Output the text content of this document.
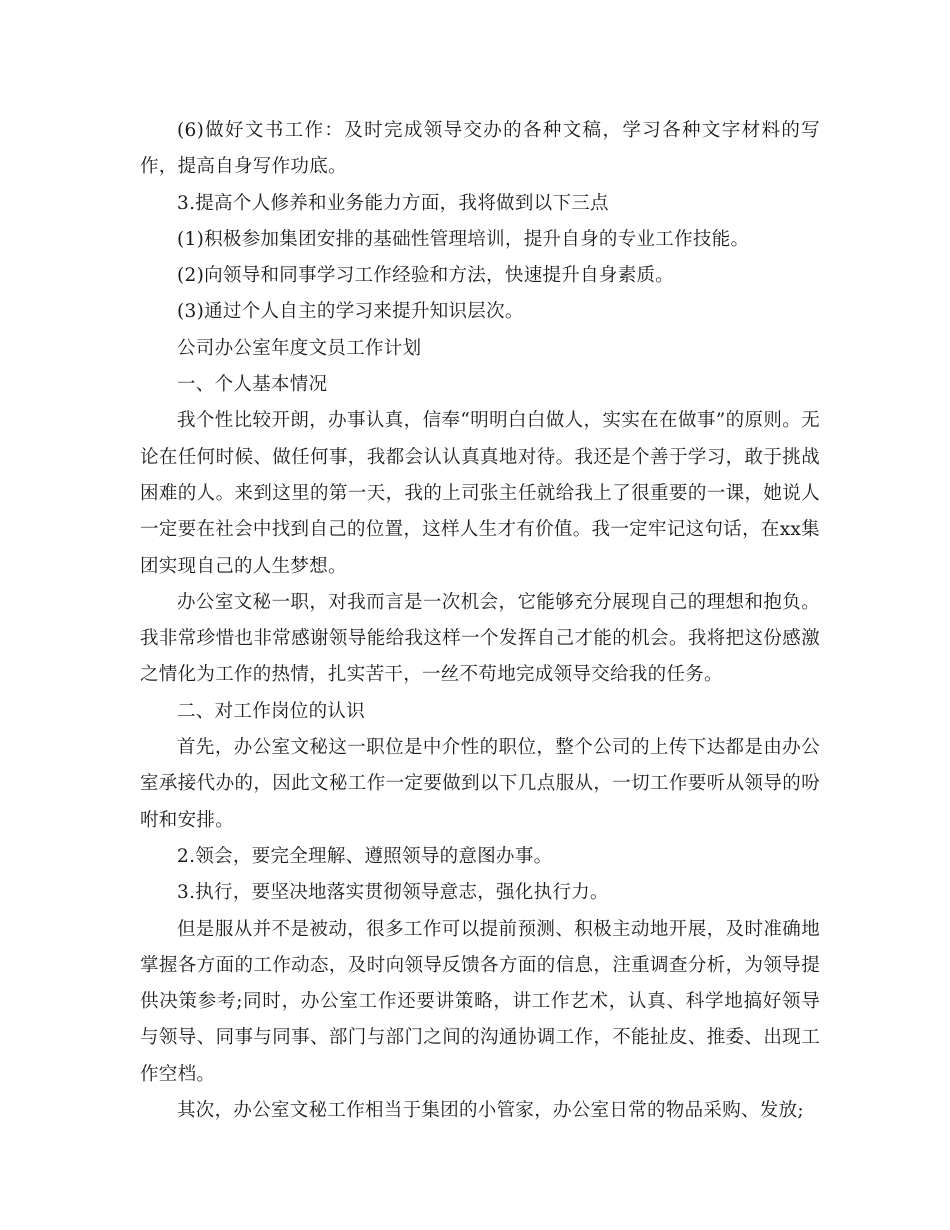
(6)做好文书工作：及时完成领导交办的各种文稿，学习各种文字材料的写作，提高自身写作功底。

3.提高个人修养和业务能力方面，我将做到以下三点

(1)积极参加集团安排的基础性管理培训，提升自身的专业工作技能。

(2)向领导和同事学习工作经验和方法，快速提升自身素质。

(3)通过个人自主的学习来提升知识层次。

公司办公室年度文员工作计划

一、个人基本情况

我个性比较开朗，办事认真，信奉“明明白白做人，实实在在做事”的原则。无论在任何时候、做任何事，我都会认认真真地对待。我还是个善于学习，敢于挑战困难的人。来到这里的第一天，我的上司张主任就给我上了很重要的一课，她说人一定要在社会中找到自己的位置，这样人生才有价值。我一定牢记这句话，在xx集团实现自己的人生梦想。

办公室文秘一职，对我而言是一次机会，它能够充分展现自己的理想和抱负。我非常珍惜也非常感谢领导能给我这样一个发挥自己才能的机会。我将把这份感激之情化为工作的热情，扎实苦干，一丝不苟地完成领导交给我的任务。

二、对工作岗位的认识

首先，办公室文秘这一职位是中介性的职位，整个公司的上传下达都是由办公室承接代办的，因此文秘工作一定要做到以下几点服从，一切工作要听从领导的吩咐和安排。

2.领会，要完全理解、遵照领导的意图办事。

3.执行，要坚决地落实贯彻领导意志，强化执行力。

但是服从并不是被动，很多工作可以提前预测、积极主动地开展，及时准确地掌握各方面的工作动态，及时向领导反馈各方面的信息，注重调查分析，为领导提供决策参考;同时，办公室工作还要讲策略，讲工作艺术，认真、科学地搞好领导与领导、同事与同事、部门与部门之间的沟通协调工作，不能扯皮、推委、出现工作空档。

其次，办公室文秘工作相当于集团的小管家，办公室日常的物品采购、发放;
